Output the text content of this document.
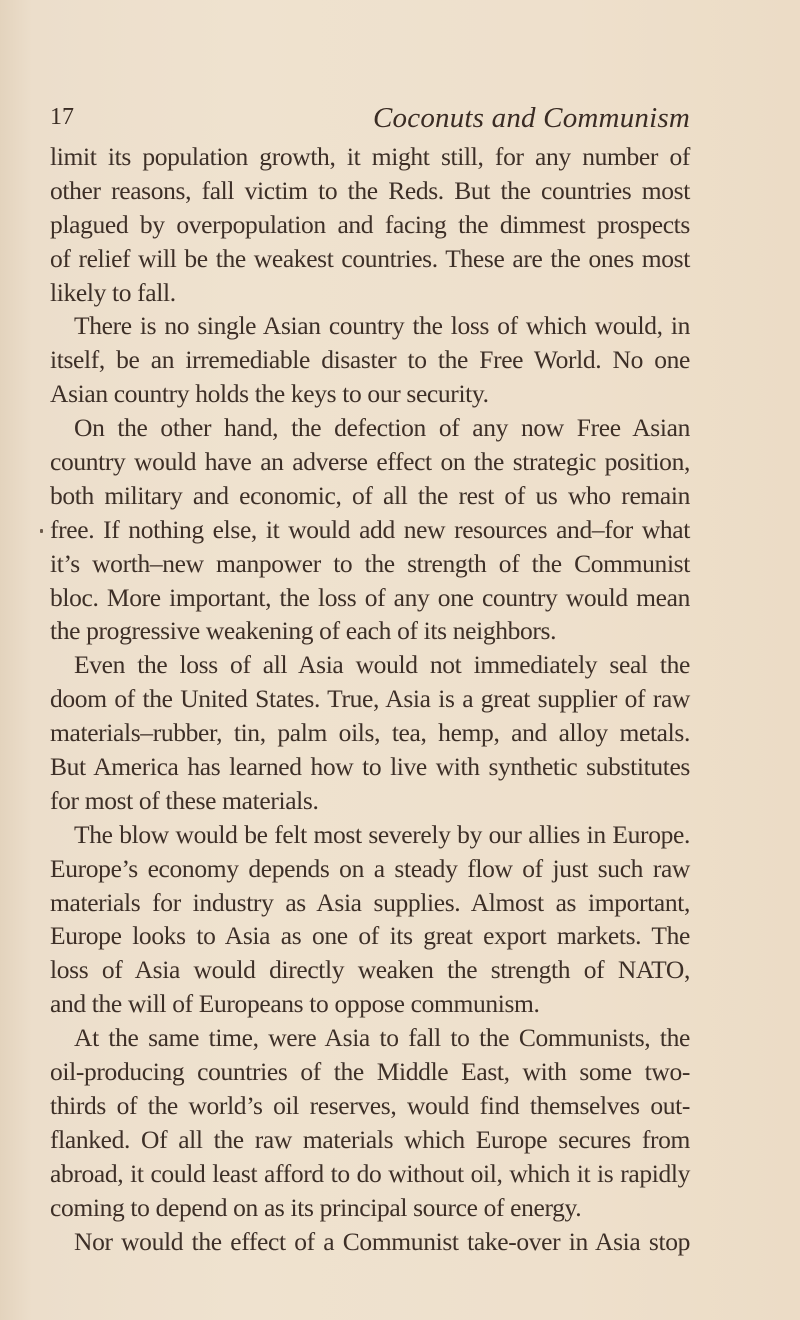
17	Coconuts and Communism
limit its population growth, it might still, for any number of
other reasons, fall victim to the Reds. But the countries most
plagued by overpopulation and facing the dimmest prospects
of relief will be the weakest countries. These are the ones most
likely to fall.
There is no single Asian country the loss of which would, in
itself, be an irremediable disaster to the Free World. No one
Asian country holds the keys to our security.
On the other hand, the defection of any now Free Asian
country would have an adverse effect on the strategic position,
both military and economic, of all the rest of us who remain
free. If nothing else, it would add new resources and–for what
it’s worth–new manpower to the strength of the Communist
bloc. More important, the loss of any one country would mean
the progressive weakening of each of its neighbors.
Even the loss of all Asia would not immediately seal the
doom of the United States. True, Asia is a great supplier of raw
materials–rubber, tin, palm oils, tea, hemp, and alloy metals.
But America has learned how to live with synthetic substitutes
for most of these materials.
The blow would be felt most severely by our allies in Europe.
Europe’s economy depends on a steady flow of just such raw
materials for industry as Asia supplies. Almost as important,
Europe looks to Asia as one of its great export markets. The
loss of Asia would directly weaken the strength of NATO,
and the will of Europeans to oppose communism.
At the same time, were Asia to fall to the Communists, the
oil-producing countries of the Middle East, with some two-
thirds of the world’s oil reserves, would find themselves out-
flanked. Of all the raw materials which Europe secures from
abroad, it could least afford to do without oil, which it is rapidly
coming to depend on as its principal source of energy.
Nor would the effect of a Communist take-over in Asia stop
